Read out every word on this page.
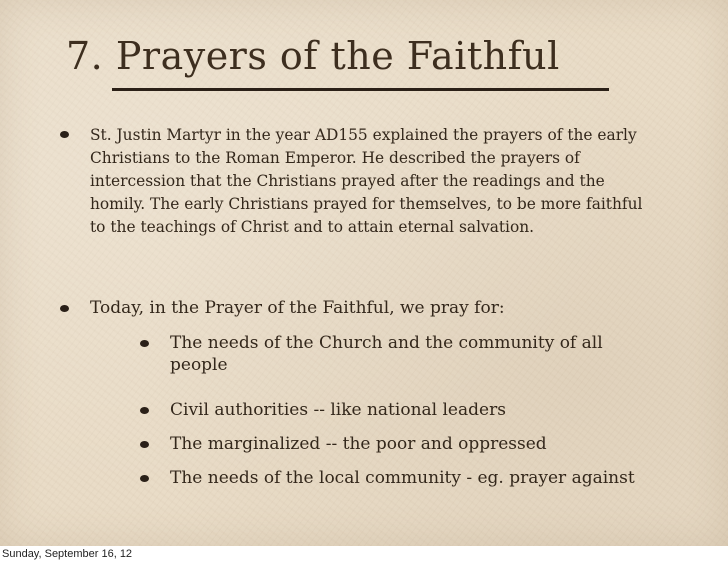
7. Prayers of the Faithful
St. Justin Martyr in the year AD155 explained the prayers of the early Christians to the Roman Emperor. He described the prayers of intercession that the Christians prayed after the readings and the homily. The early Christians prayed for themselves, to be more faithful to the teachings of Christ and to attain eternal salvation.
Today, in the Prayer of the Faithful, we pray for:
The needs of the Church and the community of all people
Civil authorities -- like national leaders
The marginalized -- the poor and oppressed
The needs of the local community - eg. prayer against
Sunday, September 16, 12
